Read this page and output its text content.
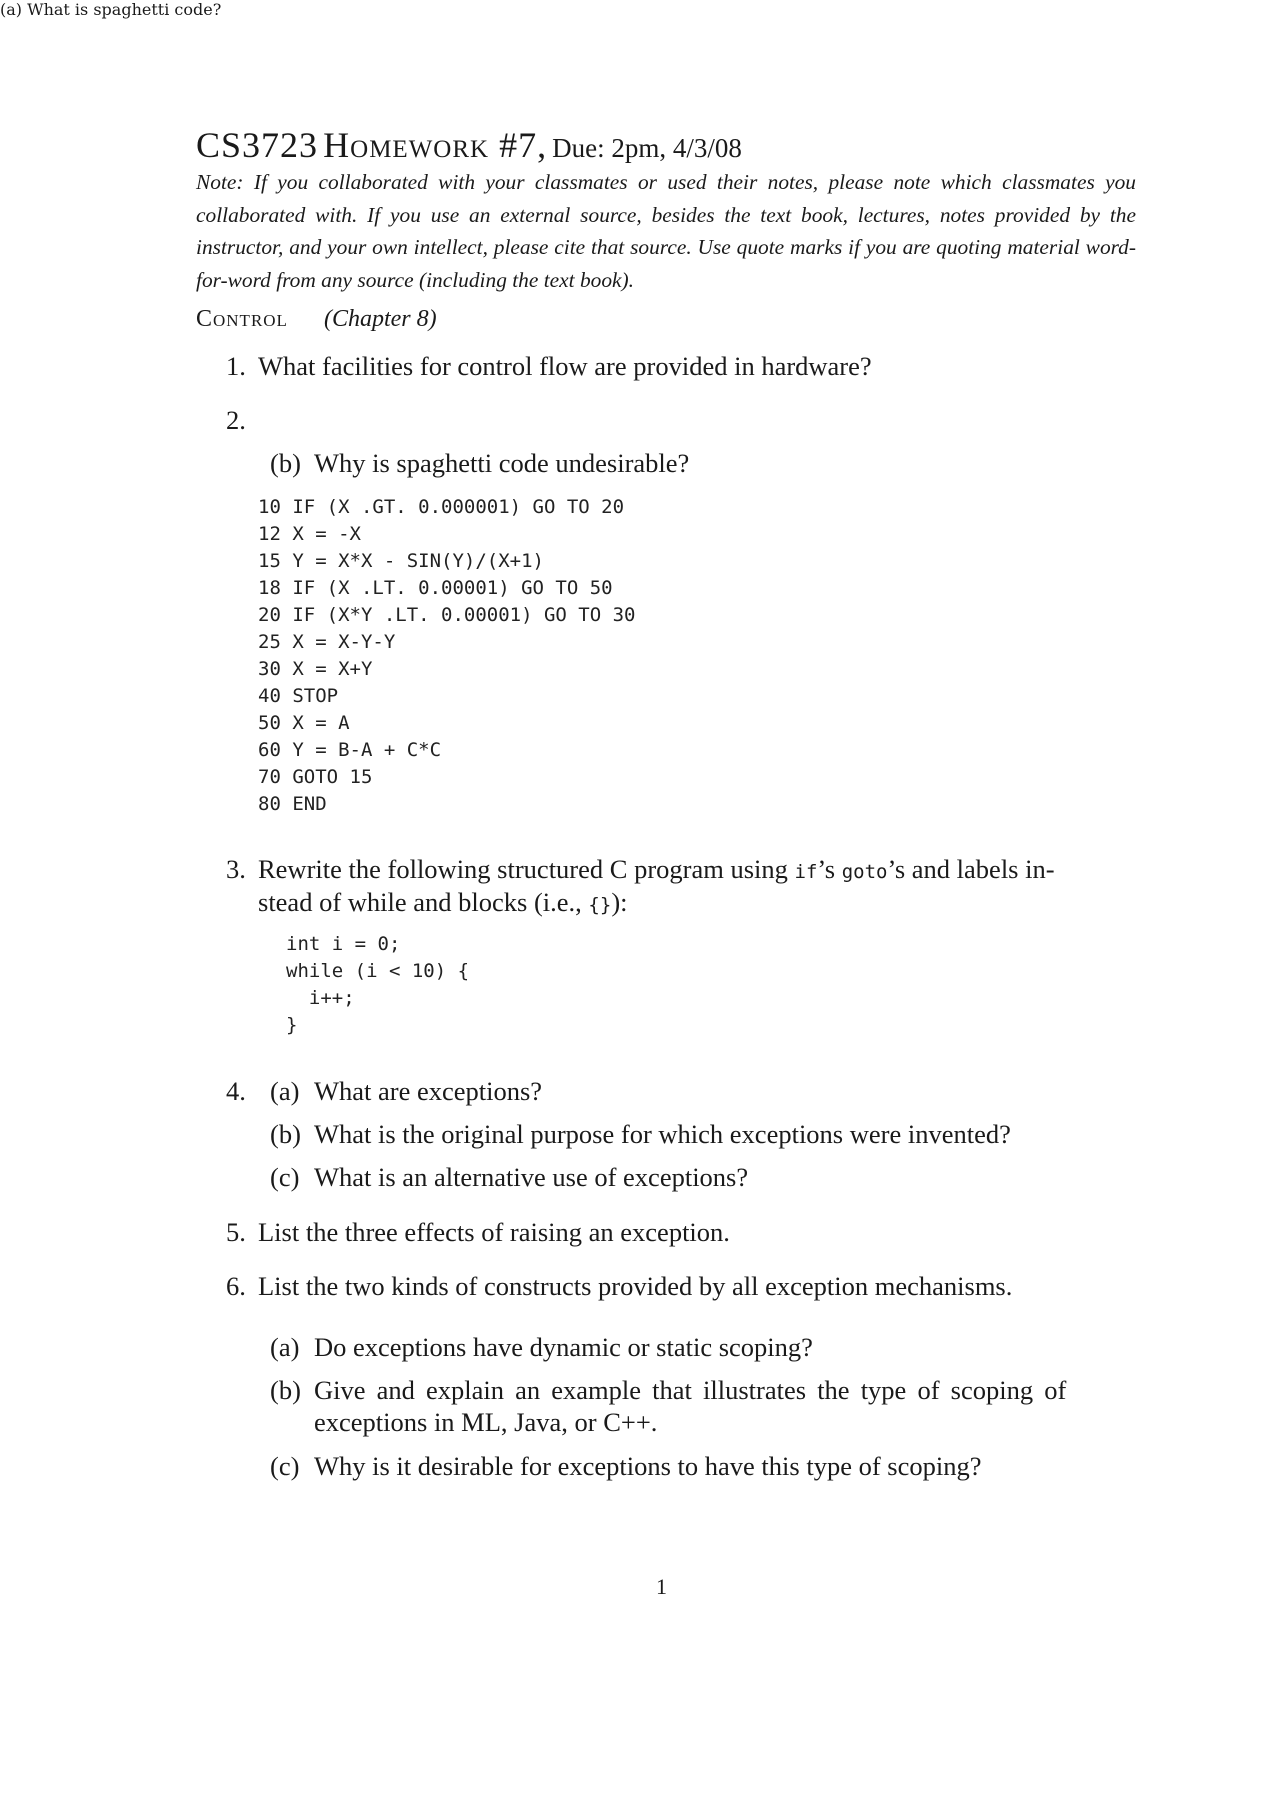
CS3723 Homework #7, Due: 2pm, 4/3/08
Note: If you collaborated with your classmates or used their notes, please note which classmates you collaborated with. If you use an external source, besides the text book, lectures, notes provided by the instructor, and your own intellect, please cite that source. Use quote marks if you are quoting material word-for-word from any source (including the text book).
Control (Chapter 8)
1. What facilities for control flow are provided in hardware?
2.
(a) What is spaghetti code?
(b) Why is spaghetti code undesirable?
10 IF (X .GT. 0.000001) GO TO 20
12 X = -X
15 Y = X*X - SIN(Y)/(X+1)
18 IF (X .LT. 0.00001) GO TO 50
20 IF (X*Y .LT. 0.00001) GO TO 30
25 X = X-Y-Y
30 X = X+Y
40 STOP
50 X = A
60 Y = B-A + C*C
70 GOTO 15
80 END
3. Rewrite the following structured C program using if’s goto’s and labels in-
stead of while and blocks (i.e., {}):
int i = 0;
while (i < 10) {
i++;
}
4. (a) What are exceptions?
(b) What is the original purpose for which exceptions were invented?
(c) What is an alternative use of exceptions?
5. List the three effects of raising an exception.
6. List the two kinds of constructs provided by all exception mechanisms.
(a) Do exceptions have dynamic or static scoping?
(b) Give and explain an example that illustrates the type of scoping of
exceptions in ML, Java, or C++.
(c) Why is it desirable for exceptions to have this type of scoping?
1
